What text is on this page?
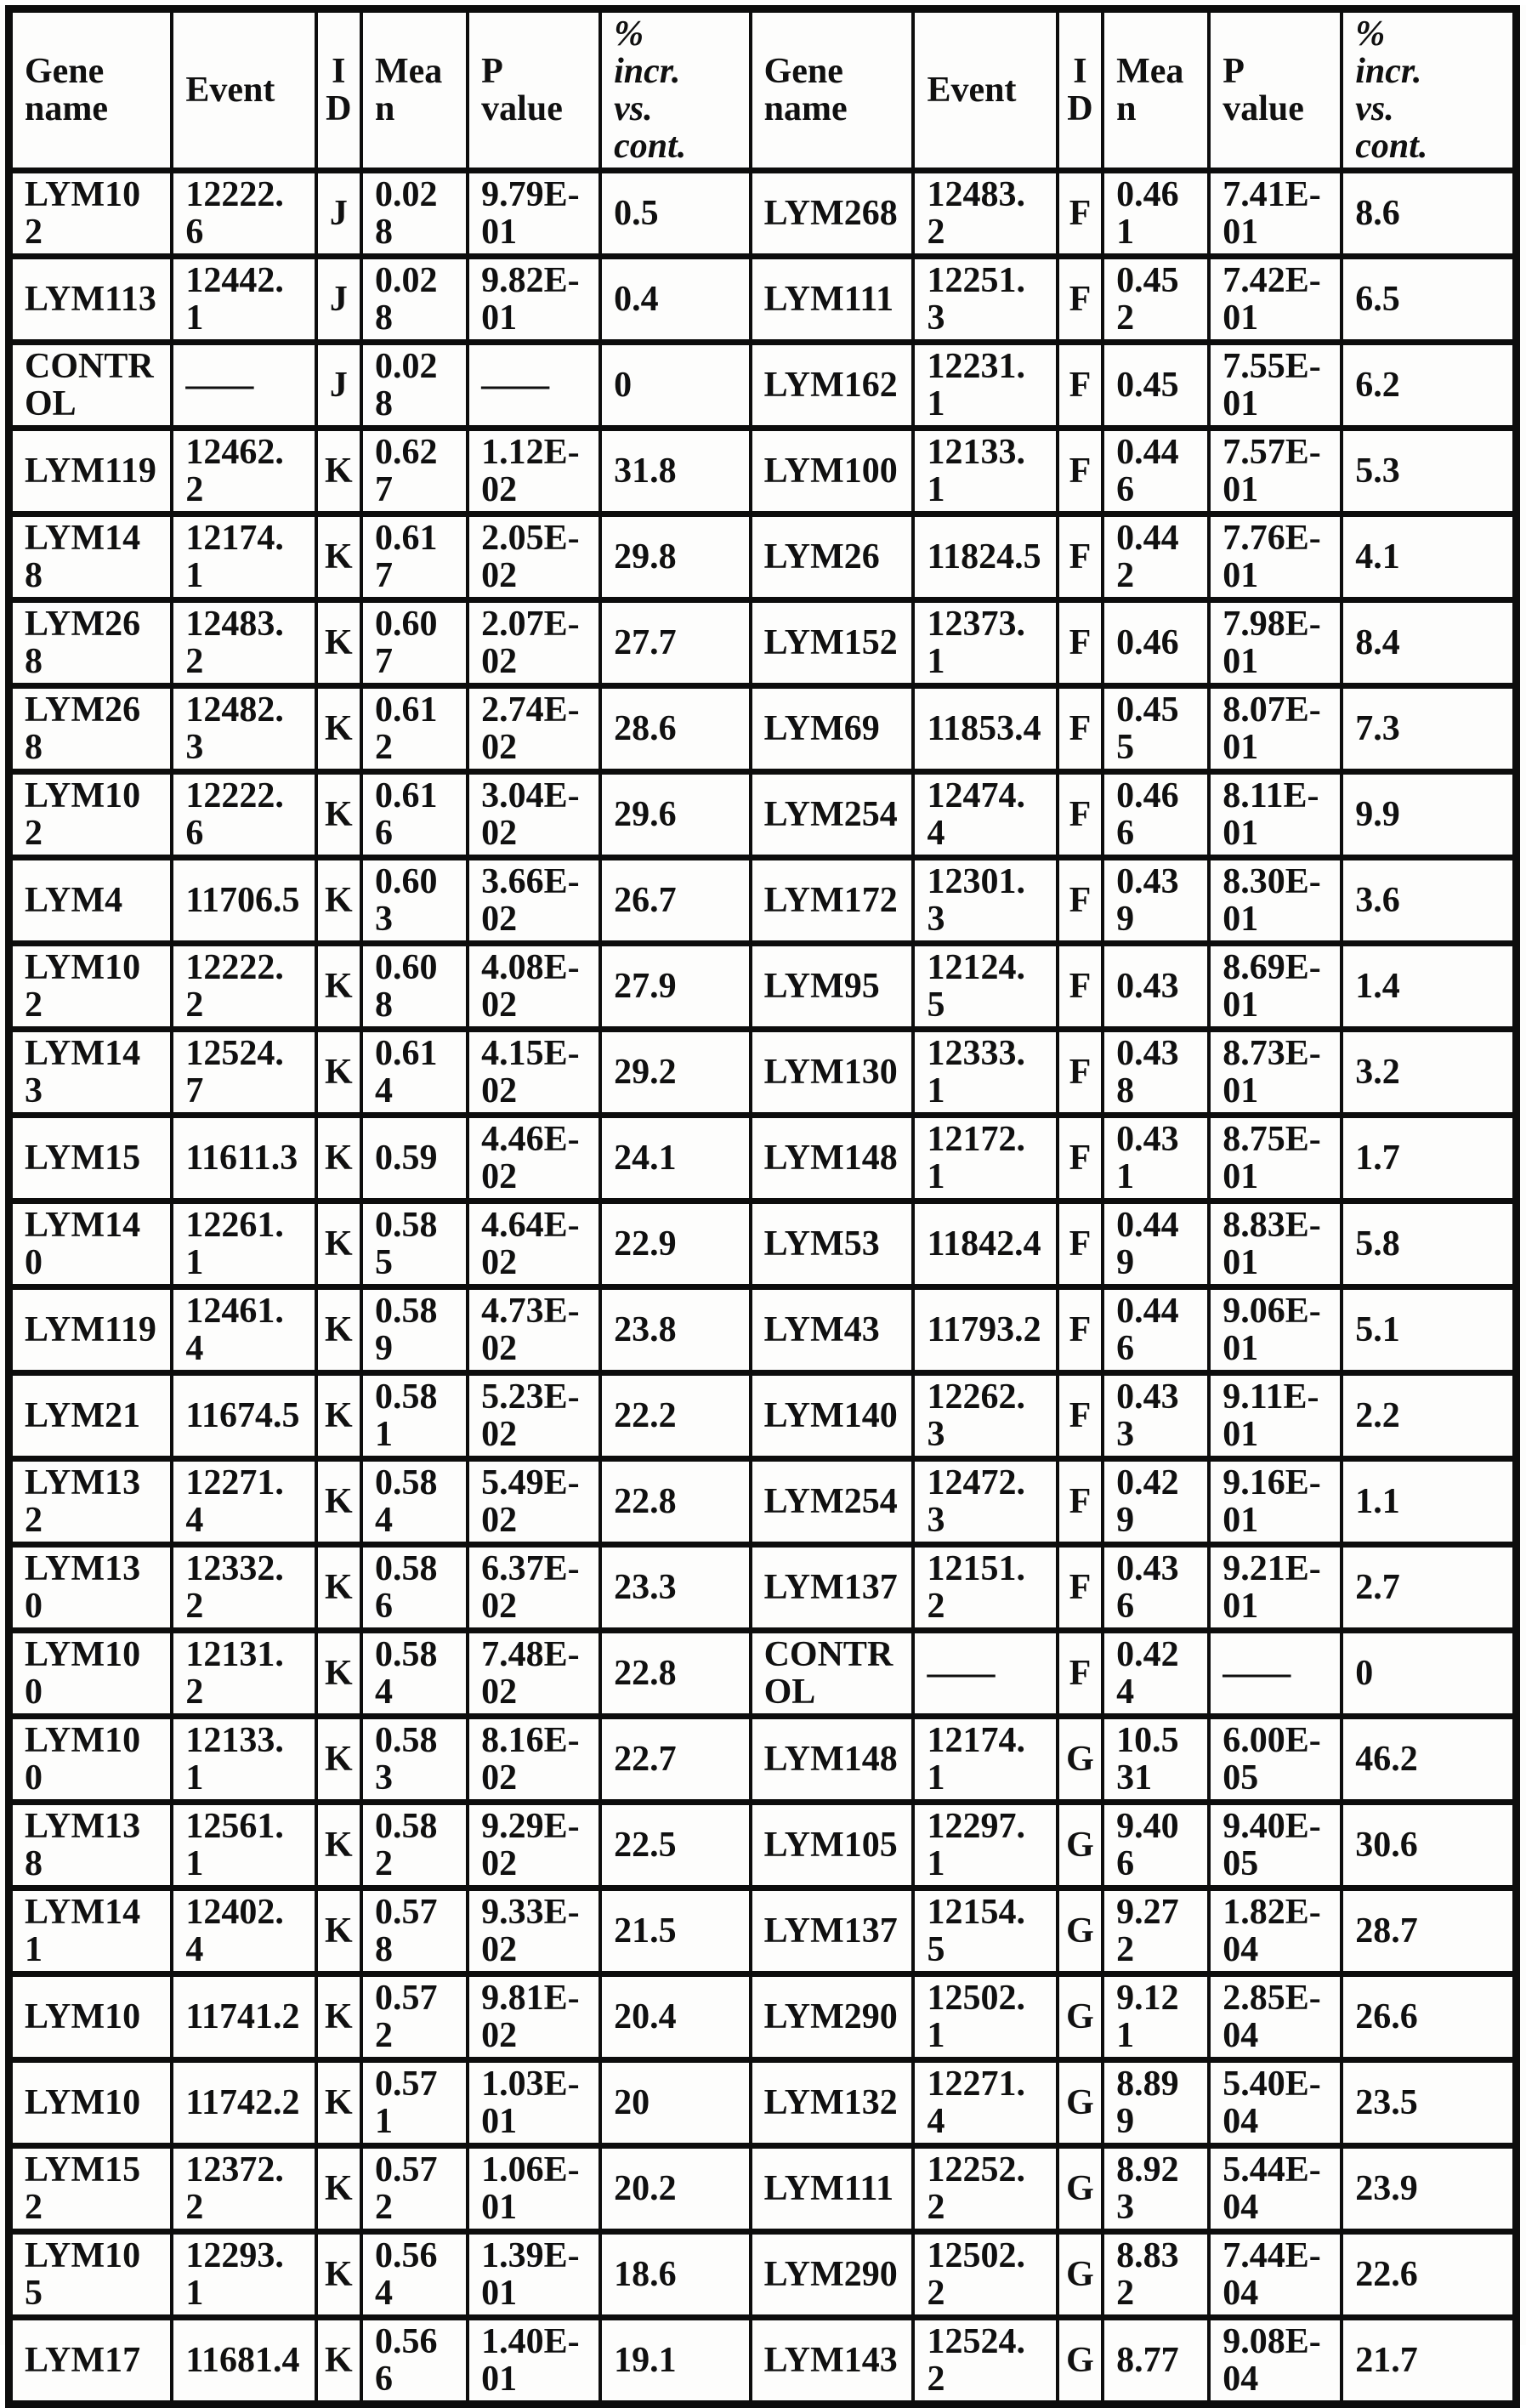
Gene name	Event	ID	Mean	P value	% incr. vs. cont.	Gene name	Event	ID	Mean	P value	% incr. vs. cont.
LYM102	12222.6	J	0.028	9.79E-01	0.5	LYM268	12483.2	F	0.461	7.41E-01	8.6
LYM113	12442.1	J	0.028	9.82E-01	0.4	LYM111	12251.3	F	0.452	7.42E-01	6.5
CONTROL	——	J	0.028	——	0	LYM162	12231.1	F	0.45	7.55E-01	6.2
LYM119	12462.2	K	0.627	1.12E-02	31.8	LYM100	12133.1	F	0.446	7.57E-01	5.3
LYM148	12174.1	K	0.617	2.05E-02	29.8	LYM26	11824.5	F	0.442	7.76E-01	4.1
LYM268	12483.2	K	0.607	2.07E-02	27.7	LYM152	12373.1	F	0.46	7.98E-01	8.4
LYM268	12482.3	K	0.612	2.74E-02	28.6	LYM69	11853.4	F	0.455	8.07E-01	7.3
LYM102	12222.6	K	0.616	3.04E-02	29.6	LYM254	12474.4	F	0.466	8.11E-01	9.9
LYM4	11706.5	K	0.603	3.66E-02	26.7	LYM172	12301.3	F	0.439	8.30E-01	3.6
LYM102	12222.2	K	0.608	4.08E-02	27.9	LYM95	12124.5	F	0.43	8.69E-01	1.4
LYM143	12524.7	K	0.614	4.15E-02	29.2	LYM130	12333.1	F	0.438	8.73E-01	3.2
LYM15	11611.3	K	0.59	4.46E-02	24.1	LYM148	12172.1	F	0.431	8.75E-01	1.7
LYM140	12261.1	K	0.585	4.64E-02	22.9	LYM53	11842.4	F	0.449	8.83E-01	5.8
LYM119	12461.4	K	0.589	4.73E-02	23.8	LYM43	11793.2	F	0.446	9.06E-01	5.1
LYM21	11674.5	K	0.581	5.23E-02	22.2	LYM140	12262.3	F	0.433	9.11E-01	2.2
LYM132	12271.4	K	0.584	5.49E-02	22.8	LYM254	12472.3	F	0.429	9.16E-01	1.1
LYM130	12332.2	K	0.586	6.37E-02	23.3	LYM137	12151.2	F	0.436	9.21E-01	2.7
LYM100	12131.2	K	0.584	7.48E-02	22.8	CONTROL	——	F	0.424	——	0
LYM100	12133.1	K	0.583	8.16E-02	22.7	LYM148	12174.1	G	10.531	6.00E-05	46.2
LYM138	12561.1	K	0.582	9.29E-02	22.5	LYM105	12297.1	G	9.406	9.40E-05	30.6
LYM141	12402.4	K	0.578	9.33E-02	21.5	LYM137	12154.5	G	9.272	1.82E-04	28.7
LYM10	11741.2	K	0.572	9.81E-02	20.4	LYM290	12502.1	G	9.121	2.85E-04	26.6
LYM10	11742.2	K	0.571	1.03E-01	20	LYM132	12271.4	G	8.899	5.40E-04	23.5
LYM152	12372.2	K	0.572	1.06E-01	20.2	LYM111	12252.2	G	8.923	5.44E-04	23.9
LYM105	12293.1	K	0.564	1.39E-01	18.6	LYM290	12502.2	G	8.832	7.44E-04	22.6
LYM17	11681.4	K	0.566	1.40E-01	19.1	LYM143	12524.2	G	8.77	9.08E-04	21.7
